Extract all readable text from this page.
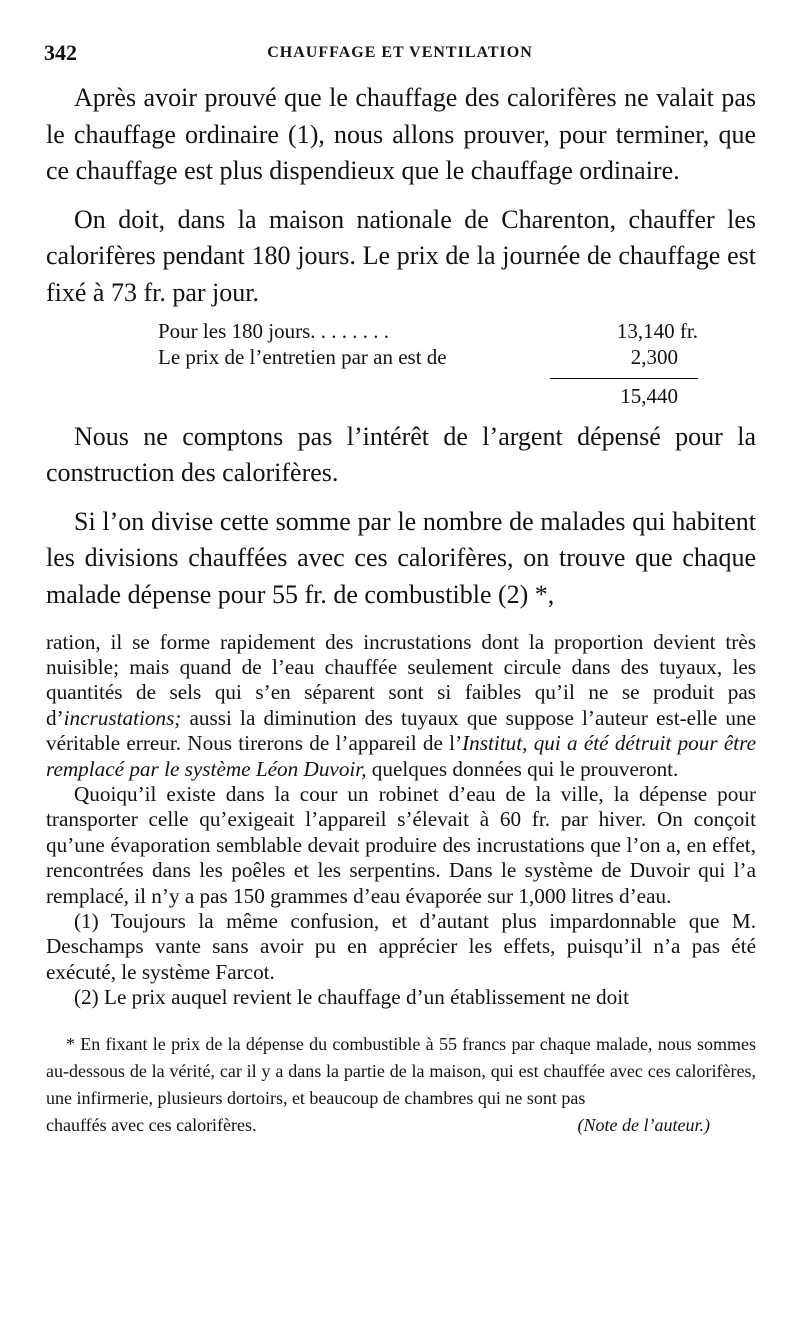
342	CHAUFFAGE ET VENTILATION

Après avoir prouvé que le chauffage des calorifères ne valait pas le chauffage ordinaire (1), nous allons prouver, pour terminer, que ce chauffage est plus dispendieux que le chauffage ordinaire.

On doit, dans la maison nationale de Charenton, chauffer les calorifères pendant 180 jours. Le prix de la journée de chauffage est fixé à 73 fr. par jour.

Pour les 180 jours. . . . . . . .	13,140 fr.
Le prix de l’entretien par an est de	2,300
15,440

Nous ne comptons pas l’intérêt de l’argent dépensé pour la construction des calorifères.

Si l’on divise cette somme par le nombre de malades qui habitent les divisions chauffées avec ces calorifères, on trouve que chaque malade dépense pour 55 fr. de combustible (2) *,

ration, il se forme rapidement des incrustations dont la proportion devient très nuisible; mais quand de l’eau chauffée seulement circule dans des tuyaux, les quantités de sels qui s’en séparent sont si faibles qu’il ne se produit pas d’incrustations; aussi la diminution des tuyaux que suppose l’auteur est-elle une véritable erreur. Nous tirerons de l’appareil de l’Institut, qui a été détruit pour être remplacé par le système Léon Duvoir, quelques données qui le prouveront.

Quoiqu’il existe dans la cour un robinet d’eau de la ville, la dépense pour transporter celle qu’exigeait l’appareil s’élevait à 60 fr. par hiver. On conçoit qu’une évaporation semblable devait produire des incrustations que l’on a, en effet, rencontrées dans les poêles et les serpentins. Dans le système de Duvoir qui l’a remplacé, il n’y a pas 150 grammes d’eau évaporée sur 1,000 litres d’eau.

(1) Toujours la même confusion, et d’autant plus impardonnable que M. Deschamps vante sans avoir pu en apprécier les effets, puisqu’il n’a pas été exécuté, le système Farcot.

(2) Le prix auquel revient le chauffage d’un établissement ne doit

* En fixant le prix de la dépense du combustible à 55 francs par chaque malade, nous sommes au-dessous de la vérité, car il y a dans la partie de la maison, qui est chauffée avec ces calorifères, une infirmerie, plusieurs dortoirs, et beaucoup de chambres qui ne sont pas

chauffés avec ces calorifères.	(Note de l’auteur.)
